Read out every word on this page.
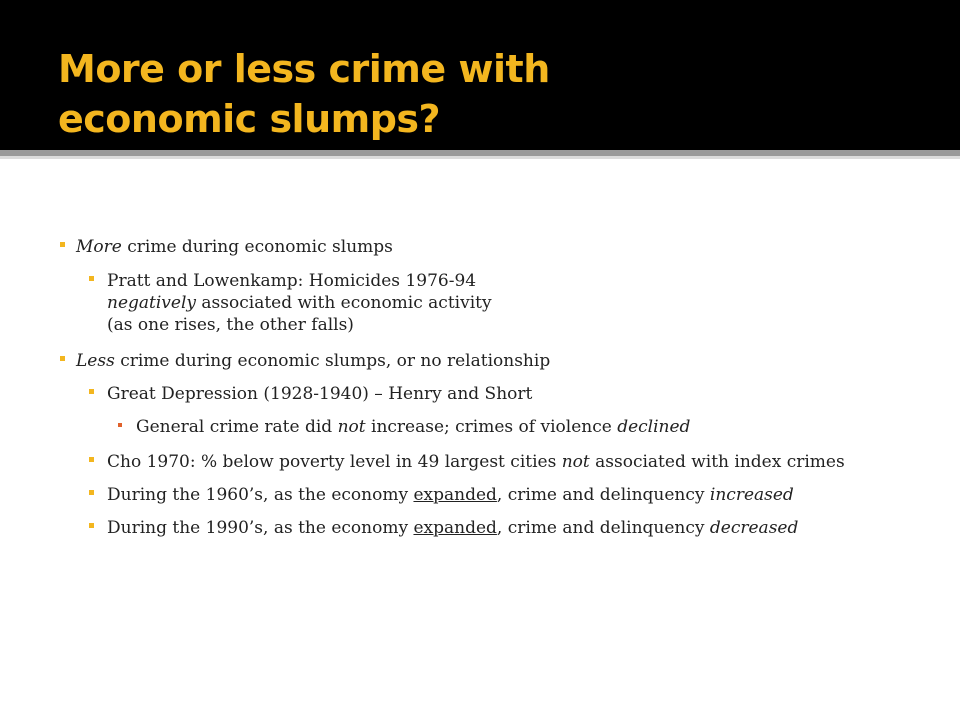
More or less crime with
economic slumps?
More crime during economic slumps
Pratt and Lowenkamp: Homicides 1976-94
negatively associated with economic activity
(as one rises, the other falls)
Less crime during economic slumps, or no relationship
Great Depression (1928-1940) – Henry and Short
General crime rate did not increase; crimes of violence declined
Cho 1970: % below poverty level in 49 largest cities not associated with index crimes
During the 1960’s, as the economy expanded, crime and delinquency increased
During the 1990’s, as the economy expanded, crime and delinquency decreased
